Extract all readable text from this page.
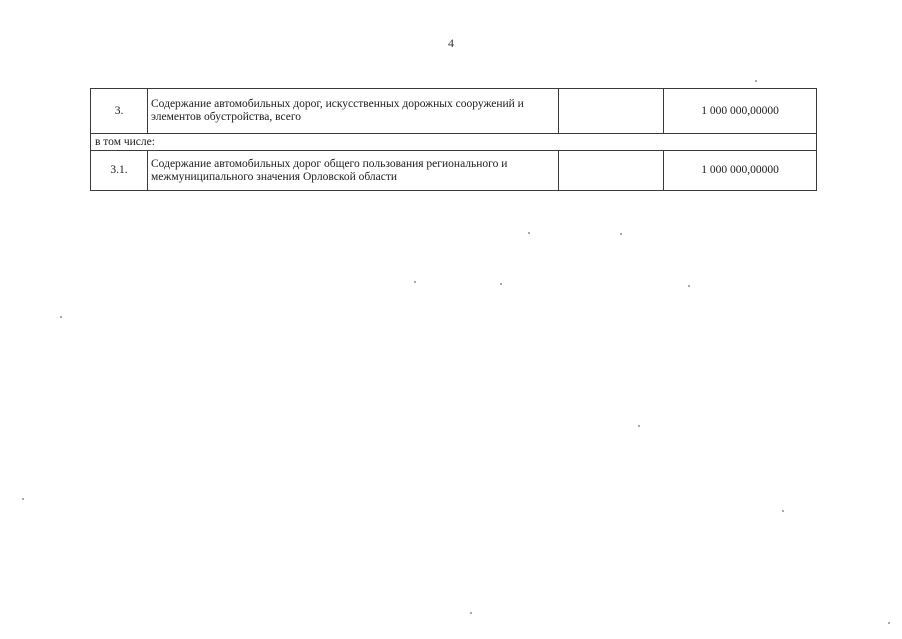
4
3.	Содержание автомобильных дорог, искусственных дорожных сооружений и элементов обустройства, всего		1 000 000,00000
в том числе:			
3.1.	Содержание автомобильных дорог общего пользования регионального и межмуниципального значения Орловской области		1 000 000,00000
